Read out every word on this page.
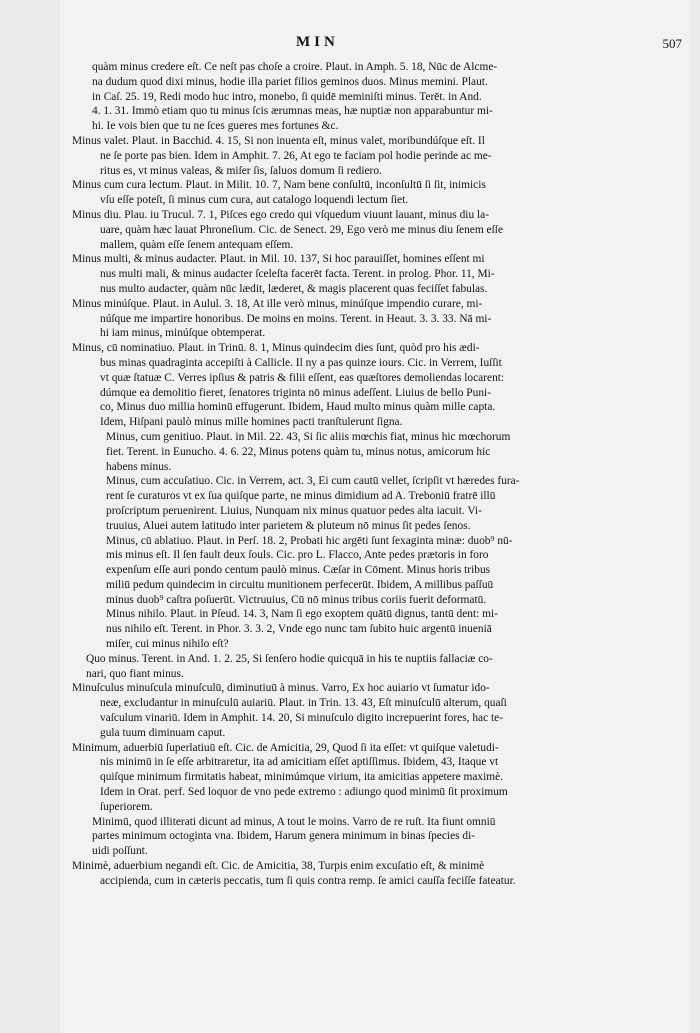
MIN	507
quàm minus credere eſt. Ce neſt pas choſe a croire. Plaut. in Amph. 5. 18, Nūc de Alcme-
na dudum quod dixi minus, hodie illa pariet filios geminos duos. Minus memini. Plaut.
in Caſ. 25. 19, Redi modo huc intro, monebo, ſi quidē meminiſti minus. Terēt. in And.
4. 1. 31. Immò etiam quo tu minus ſcis ærumnas meas, hæ nuptiæ non apparabuntur mi-
hi. Ie vois bien que tu ne ſces gueres mes fortunes &c.
Minus valet. Plaut. in Bacchid. 4. 15, Si non inuenta eſt, minus valet, moribundúſque eſt. Il
ne ſe porte pas bien. Idem in Amphit. 7. 26, At ego te faciam pol hodie perinde ac me-
ritus es, vt minus valeas, & miſer ſis, ſaluos domum ſi rediero.
Minus cum cura lectum. Plaut. in Milit. 10. 7, Nam bene conſultū, inconſultū ſi ſit, inimicis
vſu eſſe poteſt, ſi minus cum cura, aut catalogo loquendi lectum ſiet.
Minus diu. Plau. iu Trucul. 7. 1, Piſces ego credo qui vſquedum viuunt lauant, minus diu la-
uare, quàm hæc lauat Phroneſium. Cic. de Senect. 29, Ego verò me minus diu ſenem eſſe
mallem, quàm eſſe ſenem antequam eſſem.
Minus multi, & minus audacter. Plaut. in Mil. 10. 137, Si hoc parauiſſet, homines eſſent mi
nus multi mali, & minus audacter ſceleſta facerēt facta. Terent. in prolog. Phor. 11, Mi-
nus multo audacter, quàm nūc lædit, læderet, & magis placerent quas feciſſet fabulas.
Minus minúſque. Plaut. in Aulul. 3. 18, At ille verò minus, minúſque impendio curare, mi-
núſque me impartire honoribus. De moins en moins. Terent. in Heaut. 3. 3. 33. Nā mi-
hi iam minus, minúſque obtemperat.
Minus, cū nominatiuo. Plaut. in Trinū. 8. 1, Minus quindecim dies ſunt, quòd pro his ædi-
bus minas quadraginta accepiſti à Callicle. Il ny a pas quinze iours. Cic. in Verrem, Iuſſit
vt quæ ſtatuæ C. Verres ipſius & patris & filii eſſent, eas quæſtores demoliendas locarent:
dúmque ea demolitio fieret, ſenatores triginta nō minus adeſſent. Liuius de bello Puni-
co, Minus duo millia hominū effugerunt. Ibidem, Haud multo minus quàm mille capta.
Idem, Hiſpani paulò minus mille homines pacti tranſtulerunt ſigna.
Minus, cum genitiuo. Plaut. in Mil. 22. 43, Si ſic aliis mœchis fiat, minus hic mœchorum
fiet. Terent. in Eunucho. 4. 6. 22, Minus potens quàm tu, minus notus, amicorum hic
habens minus.
Minus, cum accuſatiuo. Cic. in Verrem, act. 3, Ei cum cautū vellet, ſcripſit vt hæredes fura-
rent ſe curaturos vt ex ſua quiſque parte, ne minus dimidium ad A. Treboniū fratrē illū
proſcriptum peruenirent. Liuius, Nunquam nix minus quatuor pedes alta iacuit. Vi-
truuius, Aluei autem latitudo inter parietem & pluteum nō minus ſit pedes ſenos.
Minus, cū ablatiuo. Plaut. in Perſ. 18. 2, Probati hic argēti ſunt ſexaginta minæ: duob⁹ nū-
mis minus eſt. Il ſen fault deux ſouls. Cic. pro L. Flacco, Ante pedes prætoris in foro
expenſum eſſe auri pondo centum paulò minus. Cæſar in Cōment. Minus horis tribus
miliū pedum quindecim in circuitu munitionem perfecerūt. Ibidem, A millibus paſſuū
minus duob⁹ caſtra poſuerūt. Victruuius, Cū nō minus tribus coriis fuerit deformatū.
Minus nihilo. Plaut. in Pſeud. 14. 3, Nam ſi ego exoptem quātū dignus, tantū dent: mi-
nus nihilo eſt. Terent. in Phor. 3. 3. 2, Vnde ego nunc tam ſubito huic argentū inueniā
miſer, cui minus nihilo eſt?
Quo minus. Terent. in And. 1. 2. 25, Si ſenſero hodie quicquā in his te nuptiis fallaciæ co-
nari, quo fiant minus.
Minuſculus minuſcula minuſculū, diminutiuū à minus. Varro, Ex hoc auiario vt ſumatur ido-
neæ, excludantur in minuſculū auiariū. Plaut. in Trin. 13. 43, Eſt minuſculū alterum, quaſi
vaſculum vinariū. Idem in Amphit. 14. 20, Si minuſculo digito increpuerint fores, hac te-
gula tuum diminuam caput.
Minimum, aduerbiū ſuperlatiuū eſt. Cic. de Amicitia, 29, Quod ſi ita eſſet: vt quiſque valetudi-
nis minimū in ſe eſſe arbitraretur, ita ad amicitiam eſſet aptiſſimus. Ibidem, 43, Itaque vt
quiſque minimum firmitatis habeat, minimúmque virium, ita amicitias appetere maximè.
Idem in Orat. perf. Sed loquor de vno pede extremo : adiungo quod minimū ſit proximum
ſuperiorem.
Minimū, quod illiterati dicunt ad minus, A tout le moins. Varro de re ruſt. Ita fiunt omniū
partes minimum octoginta vna. Ibidem, Harum genera minimum in binas ſpecies di-
uidi poſſunt.
Minimè, aduerbium negandi eſt. Cic. de Amicitia, 38, Turpis enim excuſatio eſt, & minimè
accipienda, cum in cæteris peccatis, tum ſi quis contra remp. ſe amici cauſſa feciſſe fateatur.
